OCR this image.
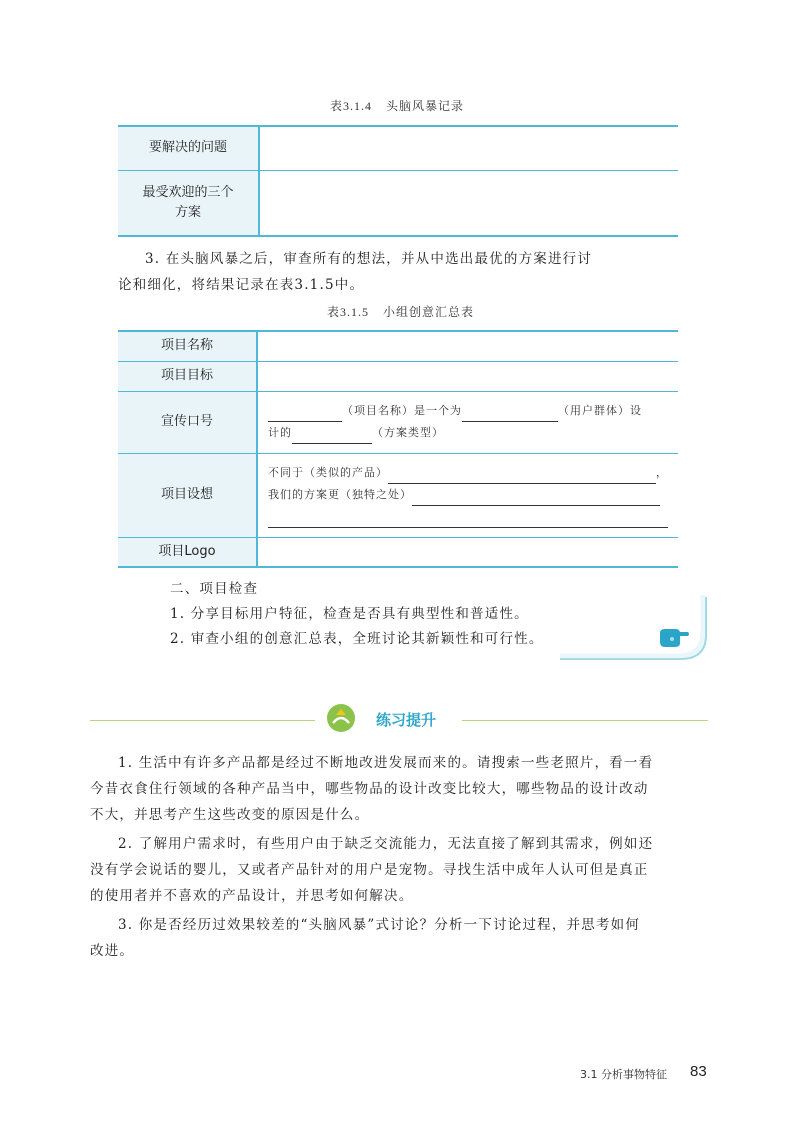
表3.1.4 头脑风暴记录
要解决的问题	

最受欢迎的三个
方案	

3. 在头脑风暴之后，审查所有的想法，并从中选出最优的方案进行讨
论和细化，将结果记录在表3.1.5中。
表3.1.5 小组创意汇总表
项目名称	
项目目标	
宣传口号	（项目名称）是一个为 （用户群体）设
计的 （方案类型）

项目设想	不同于（类似的产品） ，
我们的方案更（独特之处）

项目Logo	
二、项目检查
1. 分享目标用户特征，检查是否具有典型性和普适性。
2. 审查小组的创意汇总表，全班讨论其新颖性和可行性。
练习提升
1. 生活中有许多产品都是经过不断地改进发展而来的。请搜索一些老照片，看一看
今昔衣食住行领域的各种产品当中，哪些物品的设计改变比较大，哪些物品的设计改动
不大，并思考产生这些改变的原因是什么。
2. 了解用户需求时，有些用户由于缺乏交流能力，无法直接了解到其需求，例如还
没有学会说话的婴儿，又或者产品针对的用户是宠物。寻找生活中成年人认可但是真正
的使用者并不喜欢的产品设计，并思考如何解决。
3. 你是否经历过效果较差的“头脑风暴”式讨论？分析一下讨论过程，并思考如何
改进。
3.1 分析事物特征 83
